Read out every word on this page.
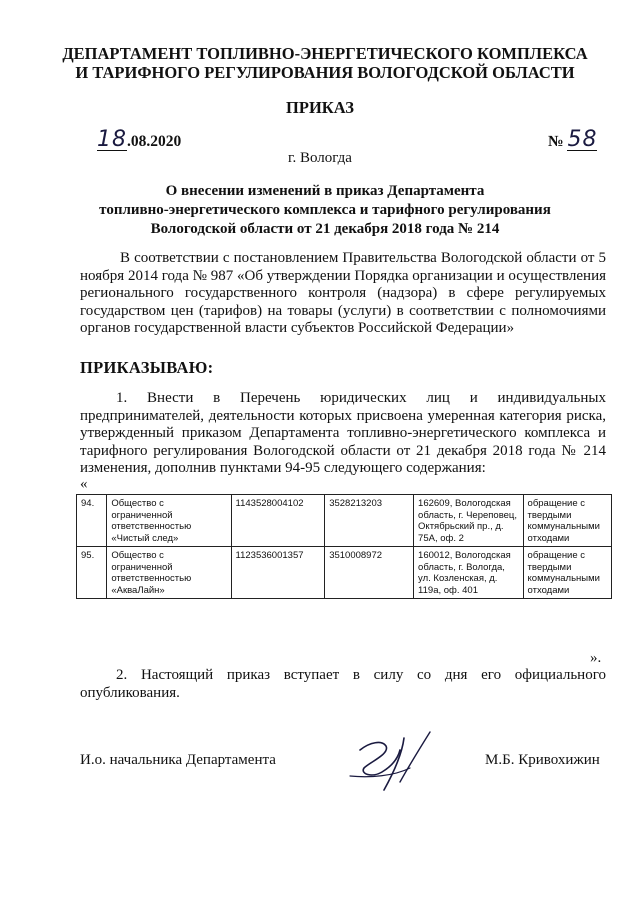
ДЕПАРТАМЕНТ ТОПЛИВНО-ЭНЕРГЕТИЧЕСКОГО КОМПЛЕКСА
И ТАРИФНОГО РЕГУЛИРОВАНИЯ ВОЛОГОДСКОЙ ОБЛАСТИ
ПРИКАЗ
18.08.2020	№ 58
г. Вологда
О внесении изменений в приказ Департамента
топливно-энергетического комплекса и тарифного регулирования
Вологодской области от 21 декабря 2018 года № 214
В соответствии с постановлением Правительства Вологодской области от 5 ноября 2014 года № 987 «Об утверждении Порядка организации и осуществления регионального государственного контроля (надзора) в сфере регулируемых государством цен (тарифов) на товары (услуги) в соответствии с полномочиями органов государственной власти субъектов Российской Федерации»
ПРИКАЗЫВАЮ:
1. Внести в Перечень юридических лиц и индивидуальных предпринимателей, деятельности которых присвоена умеренная категория риска, утвержденный приказом Департамента топливно-энергетического комплекса и тарифного регулирования Вологодской области от 21 декабря 2018 года № 214 изменения, дополнив пунктами 94-95 следующего содержания:
«
94.	Общество с ограниченной ответственностью «Чистый след»	1143528004102	3528213203	162609, Вологодская область, г. Череповец, Октябрьский пр., д. 75А, оф. 2	обращение с твердыми коммунальными отходами
95.	Общество с ограниченной ответственностью «АкваЛайн»	1123536001357	3510008972	160012, Вологодская область, г. Вологда, ул. Козленская, д. 119а, оф. 401	обращение с твердыми коммунальными отходами
».
2. Настоящий приказ вступает в силу со дня его официального опубликования.
И.о. начальника Департамента	М.Б. Кривохижин
